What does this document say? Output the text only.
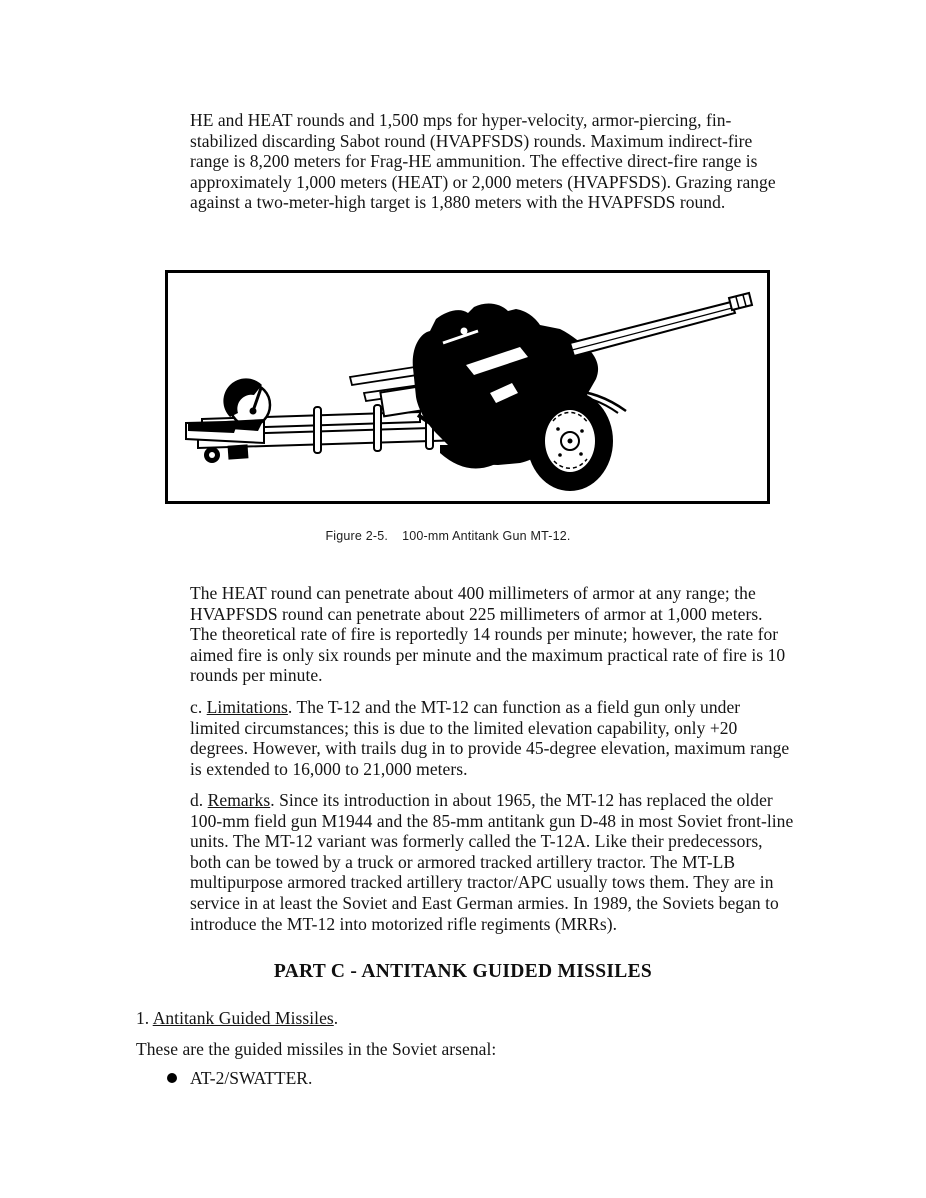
HE and HEAT rounds and 1,500 mps for hyper-velocity, armor-piercing, fin-stabilized discarding Sabot round (HVAPFSDS) rounds. Maximum indirect-fire range is 8,200 meters for Frag-HE ammunition. The effective direct-fire range is approximately 1,000 meters (HEAT) or 2,000 meters (HVAPFSDS). Grazing range against a two-meter-high target is 1,880 meters with the HVAPFSDS round.

Figure 2-5. 100-mm Antitank Gun MT-12.

The HEAT round can penetrate about 400 millimeters of armor at any range; the HVAPFSDS round can penetrate about 225 millimeters of armor at 1,000 meters. The theoretical rate of fire is reportedly 14 rounds per minute; however, the rate for aimed fire is only six rounds per minute and the maximum practical rate of fire is 10 rounds per minute.

c. Limitations. The T-12 and the MT-12 can function as a field gun only under limited circumstances; this is due to the limited elevation capability, only +20 degrees. However, with trails dug in to provide 45-degree elevation, maximum range is extended to 16,000 to 21,000 meters.

d. Remarks. Since its introduction in about 1965, the MT-12 has replaced the older 100-mm field gun M1944 and the 85-mm antitank gun D-48 in most Soviet front-line units. The MT-12 variant was formerly called the T-12A. Like their predecessors, both can be towed by a truck or armored tracked artillery tractor. The MT-LB multipurpose armored tracked artillery tractor/APC usually tows them. They are in service in at least the Soviet and East German armies. In 1989, the Soviets began to introduce the MT-12 into motorized rifle regiments (MRRs).

PART C - ANTITANK GUIDED MISSILES

1. Antitank Guided Missiles.

These are the guided missiles in the Soviet arsenal:

AT-2/SWATTER.
